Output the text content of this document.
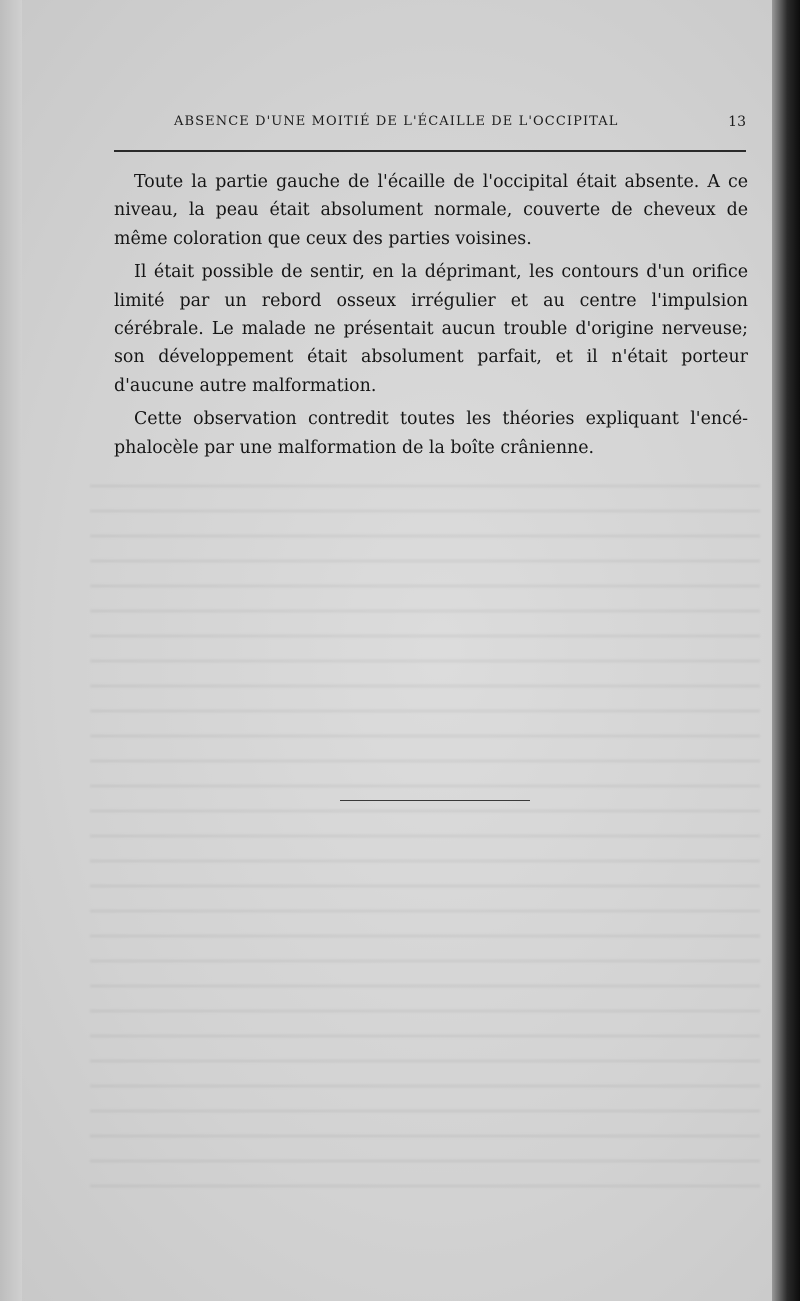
ABSENCE D'UNE MOITIÉ DE L'ÉCAILLE DE L'OCCIPITAL	13

Toute la partie gauche de l'écaille de l'occipital était absente. A ce niveau, la peau était absolument normale, couverte de cheveux de même coloration que ceux des parties voisines.

Il était possible de sentir, en la déprimant, les contours d'un orifice limité par un rebord osseux irrégulier et au centre l'impulsion cérébrale. Le malade ne présentait aucun trouble d'origine nerveuse; son développement était absolument parfait, et il n'était porteur d'aucune autre malformation.

Cette observation contredit toutes les théories expliquant l'encéphalocèle par une malformation de la boîte crânienne.
